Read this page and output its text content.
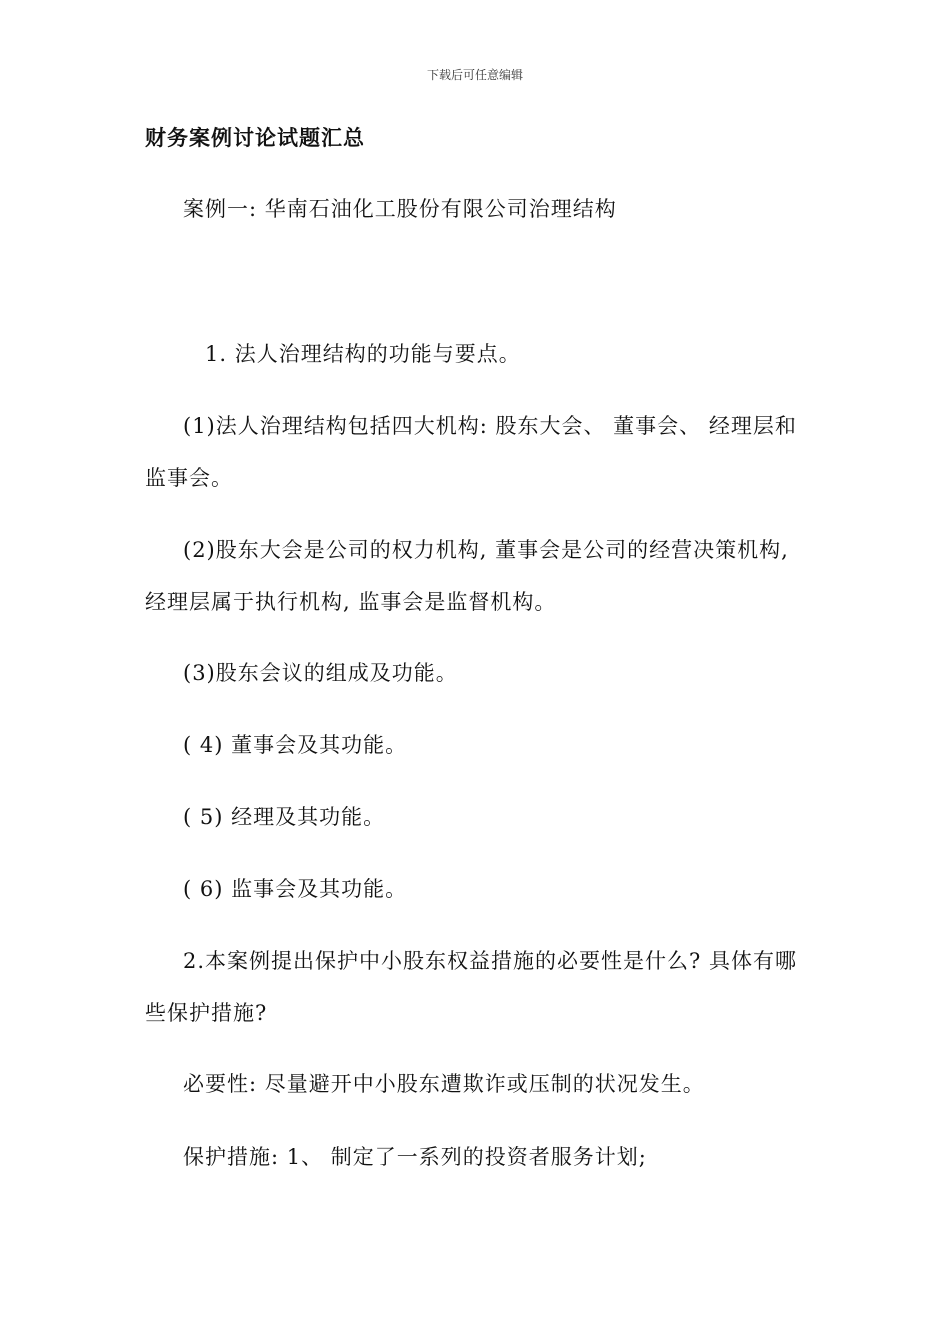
下载后可任意编辑
财务案例讨论试题汇总

案例一: 华南石油化工股份有限公司治理结构

1. 法人治理结构的功能与要点。

(1)法人治理结构包括四大机构: 股东大会、 董事会、 经理层和监事会。

(2)股东大会是公司的权力机构, 董事会是公司的经营决策机构, 经理层属于执行机构, 监事会是监督机构。

(3)股东会议的组成及功能。

( 4) 董事会及其功能。

( 5) 经理及其功能。

( 6) 监事会及其功能。

2.本案例提出保护中小股东权益措施的必要性是什么? 具体有哪些保护措施?

必要性: 尽量避开中小股东遭欺诈或压制的状况发生。

保护措施: 1、 制定了一系列的投资者服务计划;
